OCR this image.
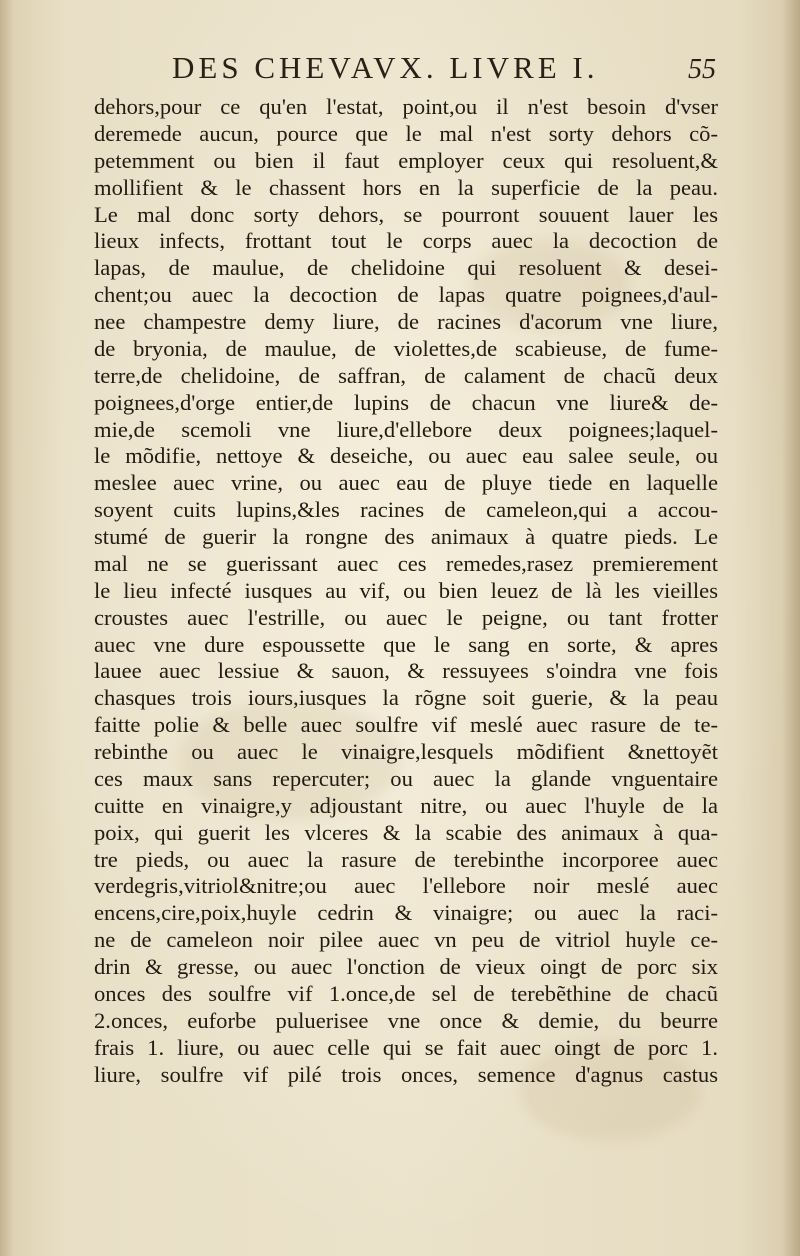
DES CHEVAVX. LIVRE I.	55
dehors,pour ce qu'en l'estat, point,ou il n'est besoin d'vser
deremede aucun, pource que le mal n'est sorty dehors cõ-
petemment ou bien il faut employer ceux qui resoluent,&
mollifient & le chassent hors en la superficie de la peau.
Le mal donc sorty dehors, se pourront souuent lauer les
lieux infects, frottant tout le corps auec la decoction de
lapas, de maulue, de chelidoine qui resoluent & desei-
chent;ou auec la decoction de lapas quatre poignees,d'aul-
nee champestre demy liure, de racines d'acorum vne liure,
de bryonia, de maulue, de violettes,de scabieuse, de fume-
terre,de chelidoine, de saffran, de calament de chacũ deux
poignees,d'orge entier,de lupins de chacun vne liure& de-
mie,de scemoli vne liure,d'ellebore deux poignees;laquel-
le mõdifie, nettoye & deseiche, ou auec eau salee seule, ou
meslee auec vrine, ou auec eau de pluye tiede en laquelle
soyent cuits lupins,&les racines de cameleon,qui a accou-
stumé de guerir la rongne des animaux à quatre pieds. Le
mal ne se guerissant auec ces remedes,rasez premierement
le lieu infecté iusques au vif, ou bien leuez de là les vieilles
croustes auec l'estrille, ou auec le peigne, ou tant frotter
auec vne dure espoussette que le sang en sorte, & apres
lauee auec lessiue & sauon, & ressuyees s'oindra vne fois
chasques trois iours,iusques la rõgne soit guerie, & la peau
faitte polie & belle auec soulfre vif meslé auec rasure de te-
rebinthe ou auec le vinaigre,lesquels mõdifient &nettoyẽt
ces maux sans repercuter; ou auec la glande vnguentaire
cuitte en vinaigre,y adjoustant nitre, ou auec l'huyle de la
poix, qui guerit les vlceres & la scabie des animaux à qua-
tre pieds, ou auec la rasure de terebinthe incorporee auec
verdegris,vitriol&nitre;ou auec l'ellebore noir meslé auec
encens,cire,poix,huyle cedrin & vinaigre; ou auec la raci-
ne de cameleon noir pilee auec vn peu de vitriol huyle ce-
drin & gresse, ou auec l'onction de vieux oingt de porc six
onces des soulfre vif 1.once,de sel de terebẽthine de chacũ
2.onces, euforbe puluerisee vne once & demie, du beurre
frais 1. liure, ou auec celle qui se fait auec oingt de porc 1.
liure, soulfre vif pilé trois onces, semence d'agnus castus
